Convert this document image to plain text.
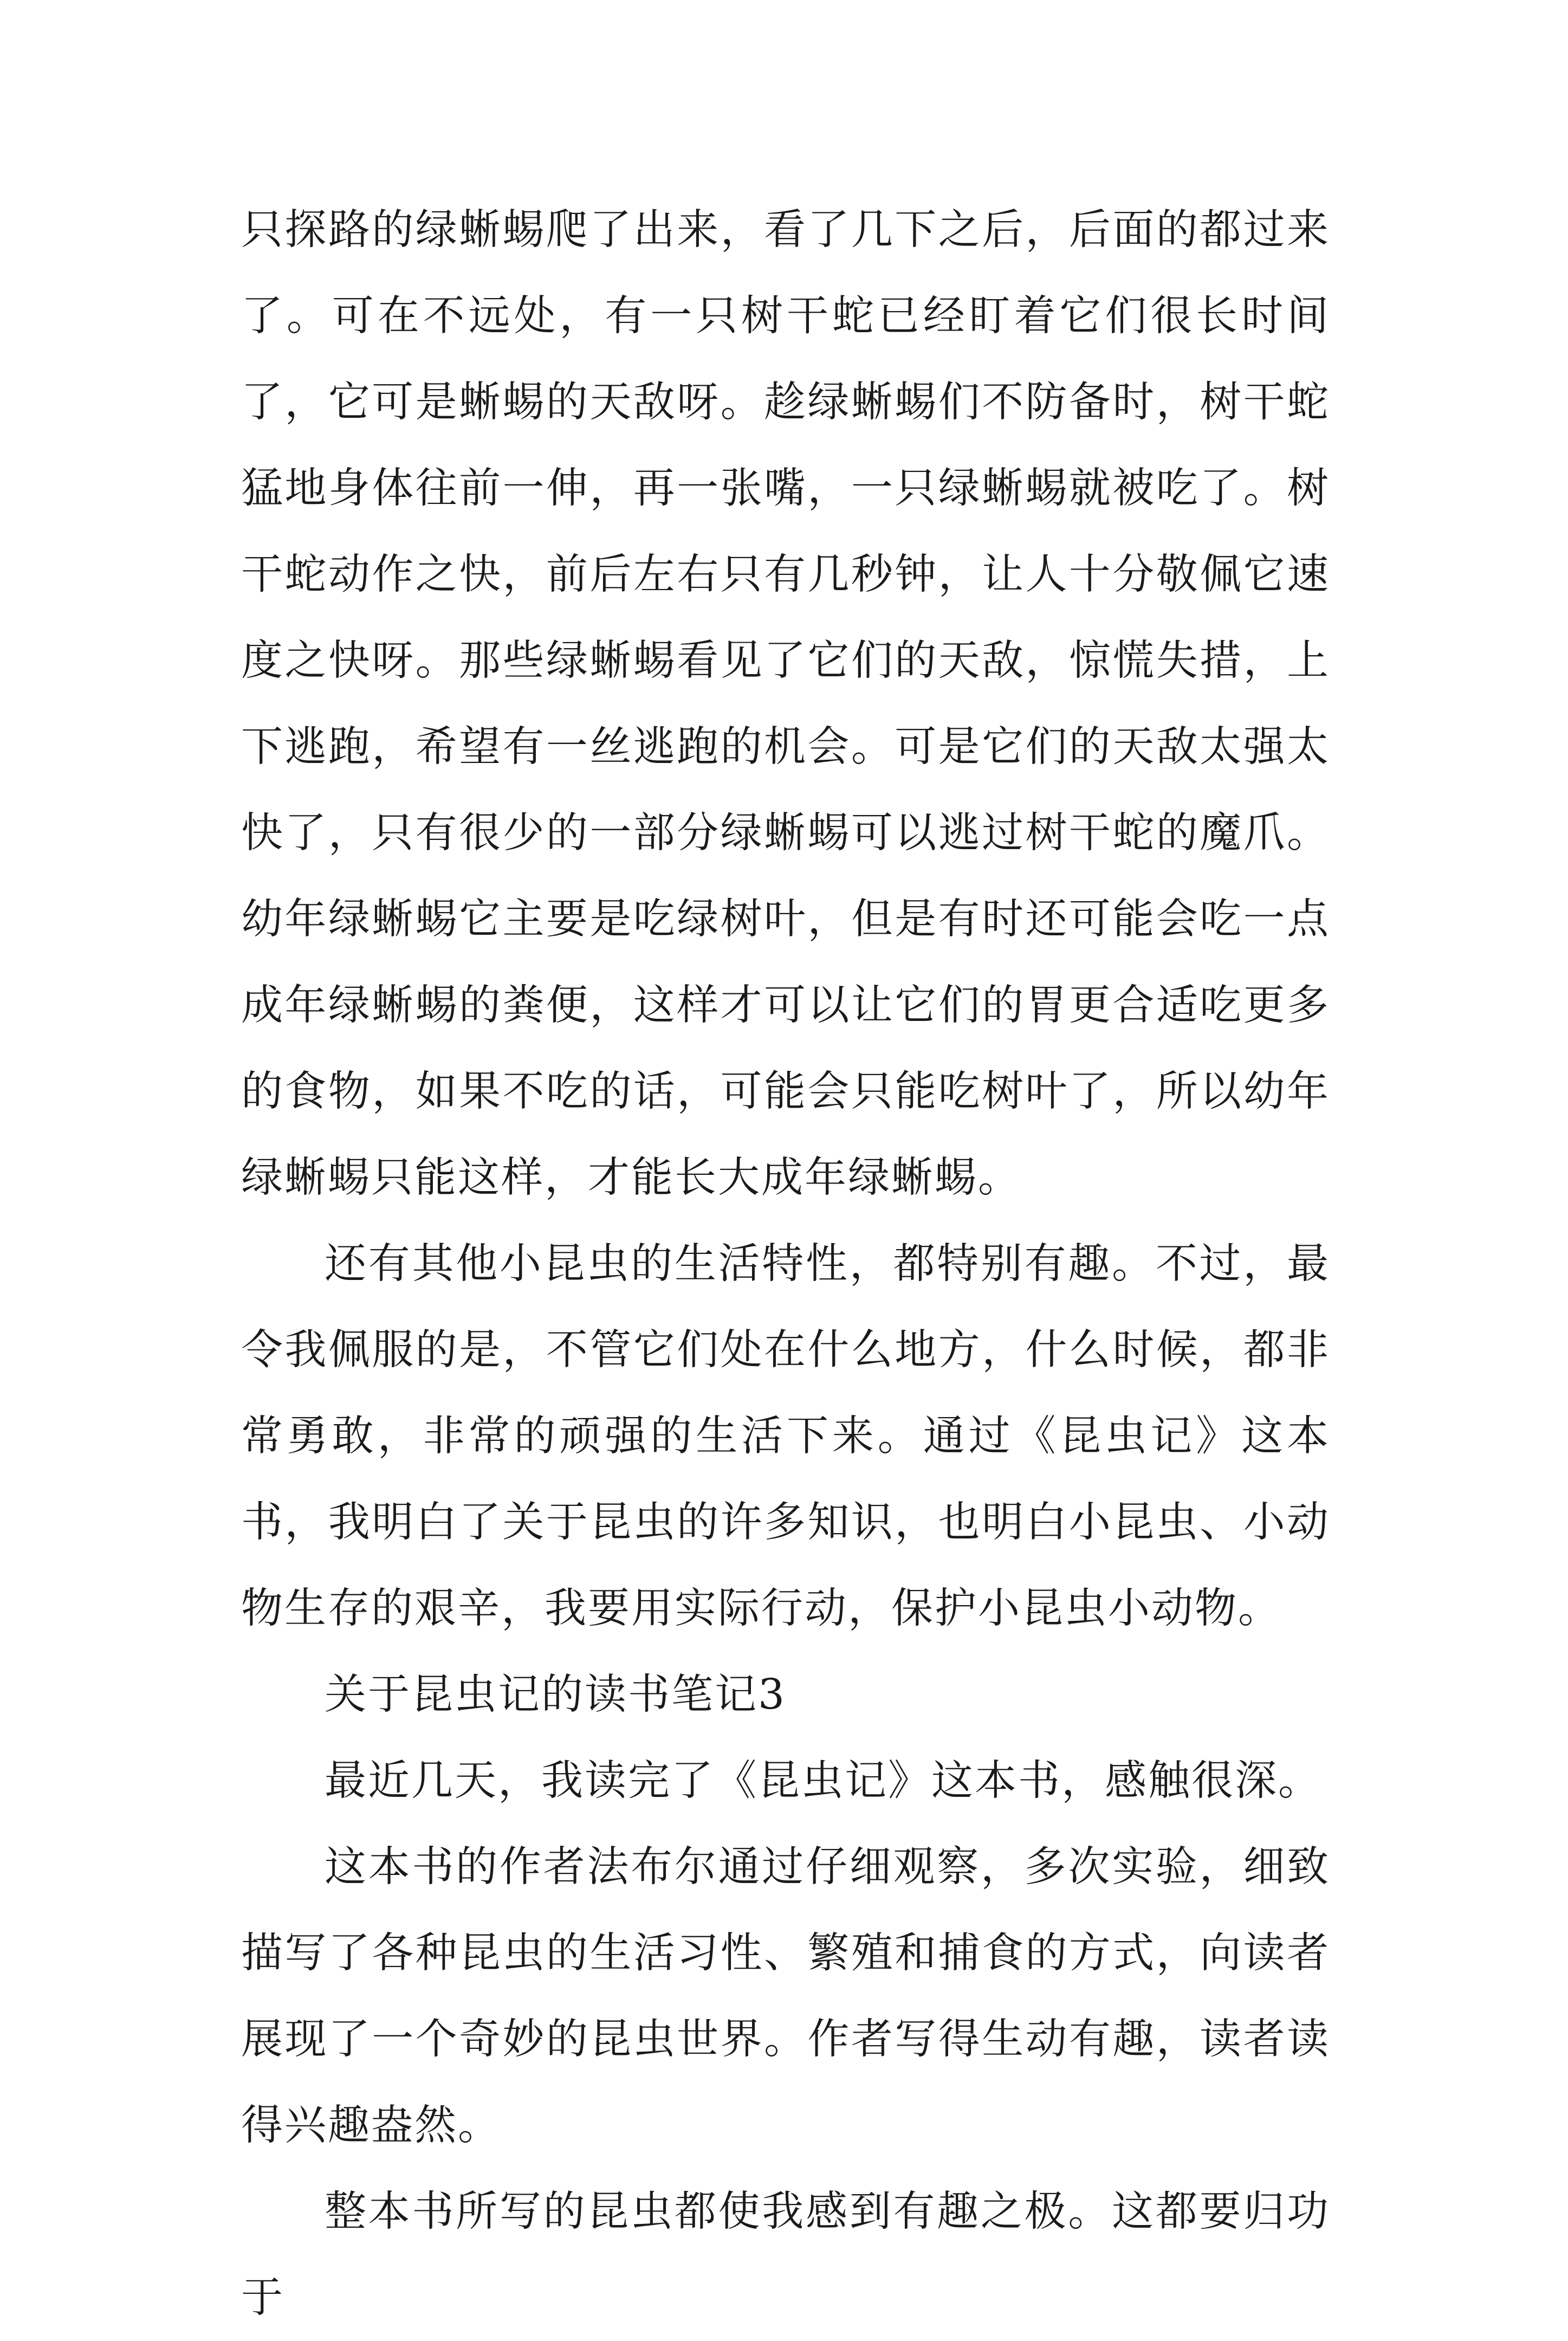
只探路的绿蜥蜴爬了出来，看了几下之后，后面的都过来了。可在不远处，有一只树干蛇已经盯着它们很长时间了，它可是蜥蜴的天敌呀。趁绿蜥蜴们不防备时，树干蛇猛地身体往前一伸，再一张嘴，一只绿蜥蜴就被吃了。树干蛇动作之快，前后左右只有几秒钟，让人十分敬佩它速度之快呀。那些绿蜥蜴看见了它们的天敌，惊慌失措，上下逃跑，希望有一丝逃跑的机会。可是它们的天敌太强太快了，只有很少的一部分绿蜥蜴可以逃过树干蛇的魔爪。幼年绿蜥蜴它主要是吃绿树叶，但是有时还可能会吃一点成年绿蜥蜴的粪便，这样才可以让它们的胃更合适吃更多的食物，如果不吃的话，可能会只能吃树叶了，所以幼年绿蜥蜴只能这样，才能长大成年绿蜥蜴。

还有其他小昆虫的生活特性，都特别有趣。不过，最令我佩服的是，不管它们处在什么地方，什么时候，都非常勇敢，非常的顽强的生活下来。通过《昆虫记》这本书，我明白了关于昆虫的许多知识，也明白小昆虫、小动物生存的艰辛，我要用实际行动，保护小昆虫小动物。

关于昆虫记的读书笔记3

最近几天，我读完了《昆虫记》这本书，感触很深。

这本书的作者法布尔通过仔细观察，多次实验，细致描写了各种昆虫的生活习性、繁殖和捕食的方式，向读者展现了一个奇妙的昆虫世界。作者写得生动有趣，读者读得兴趣盎然。

整本书所写的昆虫都使我感到有趣之极。这都要归功于
